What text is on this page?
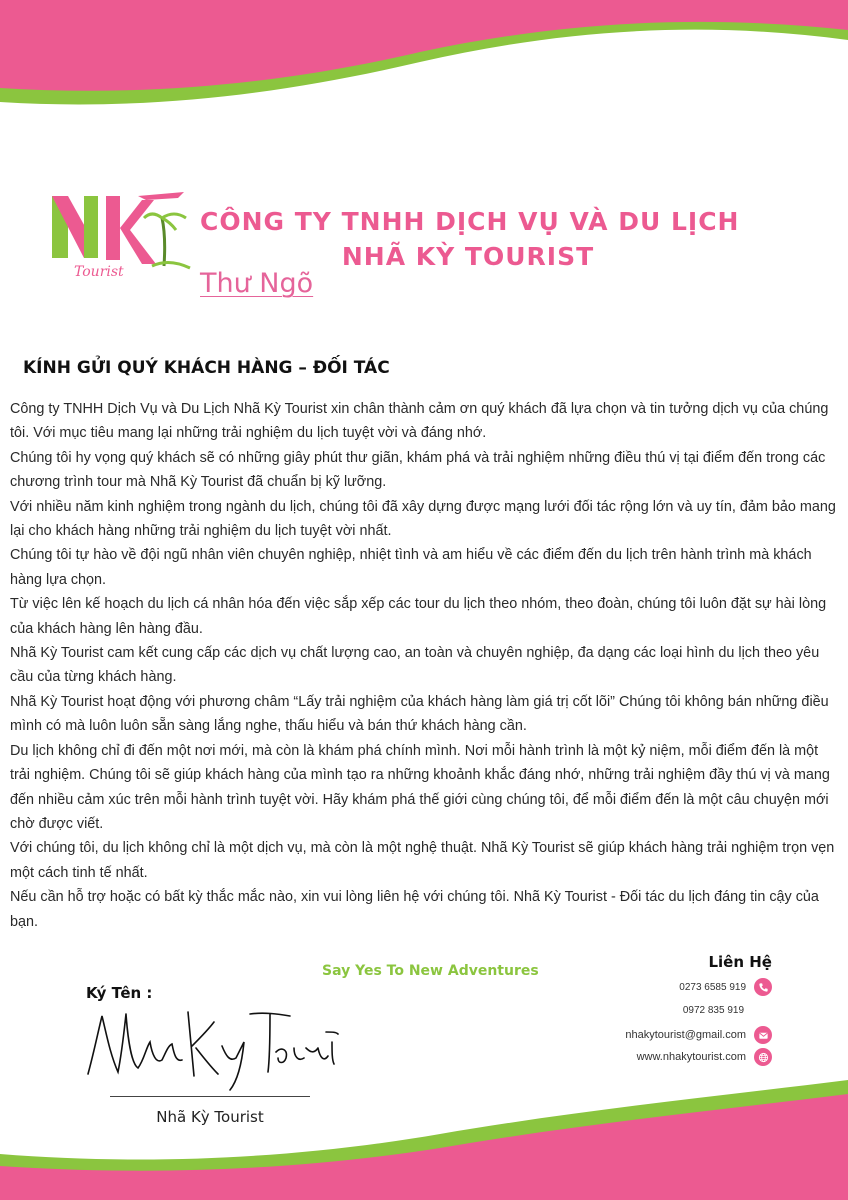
Tourist
NK
CÔNG TY TNHH DỊCH VỤ VÀ DU LỊCH
NHÃ KỲ TOURIST
Thư Ngõ
KÍNH GỬI QUÝ KHÁCH HÀNG – ĐỐI TÁC

Công ty TNHH Dịch Vụ và Du Lịch Nhã Kỳ Tourist xin chân thành cảm ơn quý khách đã lựa chọn và tin tưởng dịch vụ của chúng tôi. Với mục tiêu mang lại những trải nghiệm du lịch tuyệt vời và đáng nhớ.

Chúng tôi hy vọng quý khách sẽ có những giây phút thư giãn, khám phá và trải nghiệm những điều thú vị tại điểm đến trong các chương trình tour mà Nhã Kỳ Tourist đã chuẩn bị kỹ lưỡng.

Với nhiều năm kinh nghiệm trong ngành du lịch, chúng tôi đã xây dựng được mạng lưới đối tác rộng lớn và uy tín, đảm bảo mang lại cho khách hàng những trải nghiệm du lịch tuyệt vời nhất.

Chúng tôi tự hào về đội ngũ nhân viên chuyên nghiệp, nhiệt tình và am hiểu về các điểm đến du lịch trên hành trình mà khách hàng lựa chọn.

Từ việc lên kế hoạch du lịch cá nhân hóa đến việc sắp xếp các tour du lịch theo nhóm, theo đoàn, chúng tôi luôn đặt sự hài lòng của khách hàng lên hàng đầu.

Nhã Kỳ Tourist cam kết cung cấp các dịch vụ chất lượng cao, an toàn và chuyên nghiệp, đa dạng các loại hình du lịch theo yêu cầu của từng khách hàng.

Nhã Kỳ Tourist hoạt động với phương châm “Lấy trải nghiệm của khách hàng làm giá trị cốt lõi” Chúng tôi không bán những điều mình có mà luôn luôn sẵn sàng lắng nghe, thấu hiểu và bán thứ khách hàng cần.

Du lịch không chỉ đi đến một nơi mới, mà còn là khám phá chính mình. Nơi mỗi hành trình là một kỷ niệm, mỗi điểm đến là một trải nghiệm. Chúng tôi sẽ giúp khách hàng của mình tạo ra những khoảnh khắc đáng nhớ, những trải nghiệm đầy thú vị và mang đến nhiều cảm xúc trên mỗi hành trình tuyệt vời. Hãy khám phá thế giới cùng chúng tôi, để mỗi điểm đến là một câu chuyện mới chờ được viết.

Với chúng tôi, du lịch không chỉ là một dịch vụ, mà còn là một nghệ thuật. Nhã Kỳ Tourist sẽ giúp khách hàng trải nghiệm trọn vẹn một cách tinh tế nhất.

Nếu cần hỗ trợ hoặc có bất kỳ thắc mắc nào, xin vui lòng liên hệ với chúng tôi. Nhã Kỳ Tourist - Đối tác du lịch đáng tin cậy của bạn.

Say Yes To New Adventures
Ký Tên :
NhaKyTourist
Nhã Kỳ Tourist
Liên Hệ
0273 6585 919
0972 835 919
nhakytourist@gmail.com
www.nhakytourist.com
